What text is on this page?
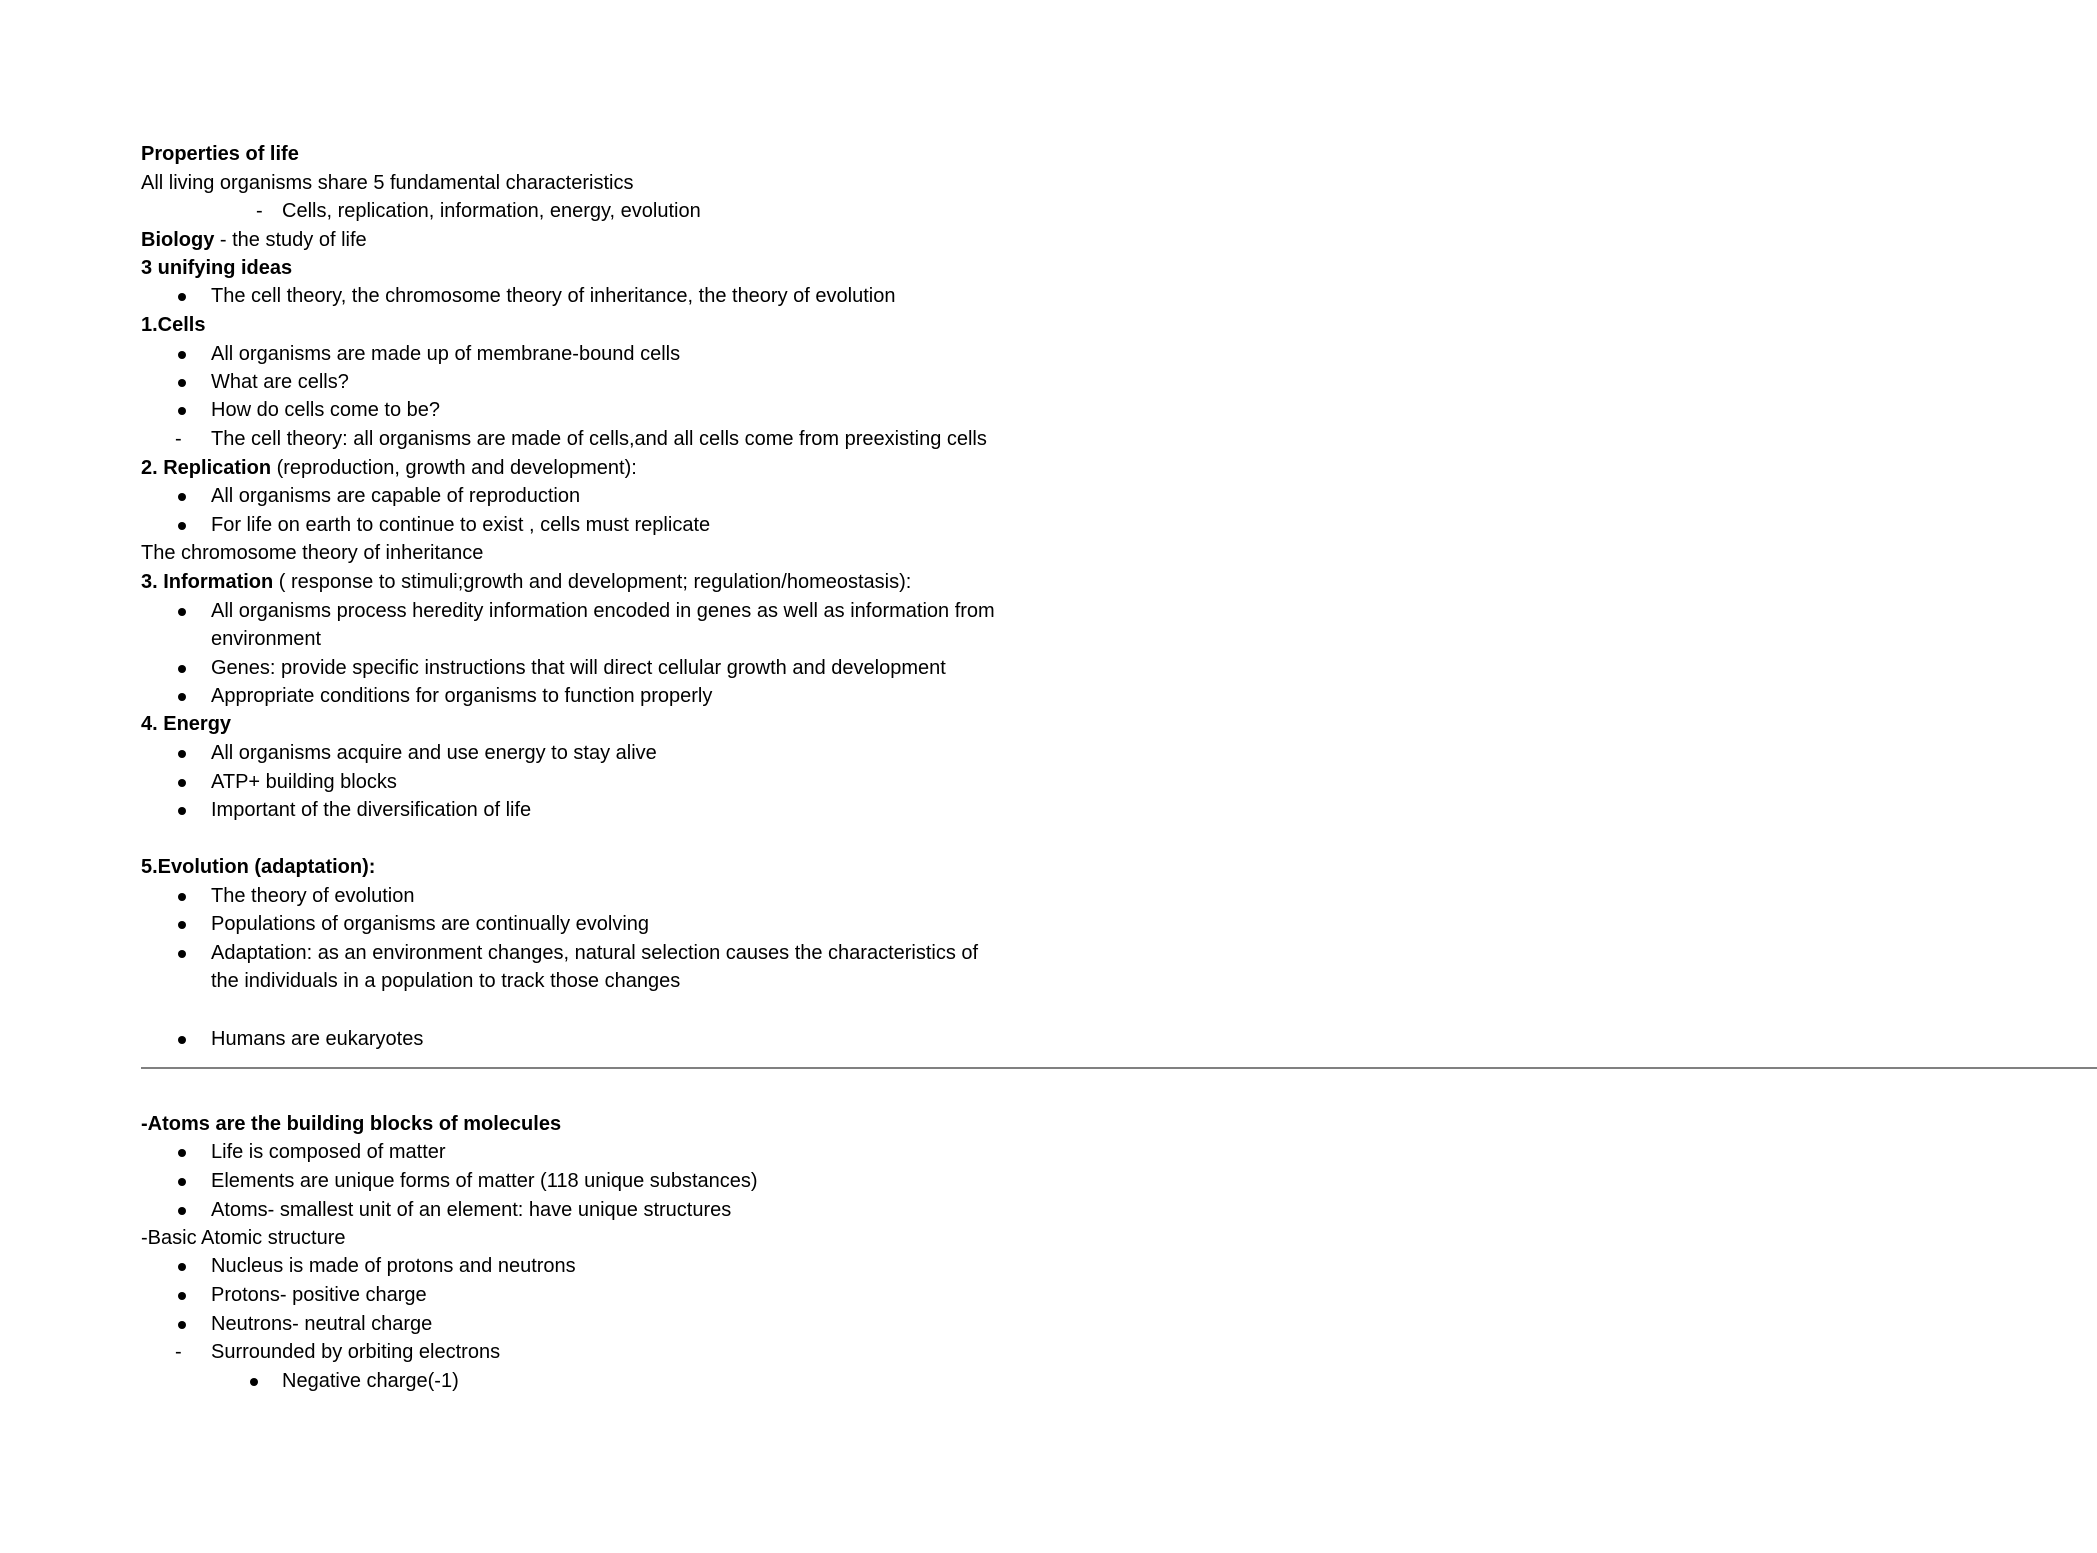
Properties of life
All living organisms share 5 fundamental characteristics
- Cells, replication, information, energy, evolution
Biology - the study of life
3 unifying ideas
The cell theory, the chromosome theory of inheritance, the theory of evolution
1.Cells
All organisms are made up of membrane-bound cells
What are cells?
How do cells come to be?
- The cell theory: all organisms are made of cells,and all cells come from preexisting cells
2. Replication (reproduction, growth and development):
All organisms are capable of reproduction
For life on earth to continue to exist , cells must replicate
The chromosome theory of inheritance
3. Information ( response to stimuli;growth and development; regulation/homeostasis):
All organisms process heredity information encoded in genes as well as information from
environment
Genes: provide specific instructions that will direct cellular growth and development
Appropriate conditions for organisms to function properly
4. Energy
All organisms acquire and use energy to stay alive
ATP+ building blocks
Important of the diversification of life
5.Evolution (adaptation):
The theory of evolution
Populations of organisms are continually evolving
Adaptation: as an environment changes, natural selection causes the characteristics of
the individuals in a population to track those changes
Humans are eukaryotes
——————————————————————————————————————————————————————————————————————————————————————————————————————————————————————————————————————
-Atoms are the building blocks of molecules
Life is composed of matter
Elements are unique forms of matter (118 unique substances)
Atoms- smallest unit of an element: have unique structures
-Basic Atomic structure
Nucleus is made of protons and neutrons
Protons- positive charge
Neutrons- neutral charge
- Surrounded by orbiting electrons
Negative charge(-1)
